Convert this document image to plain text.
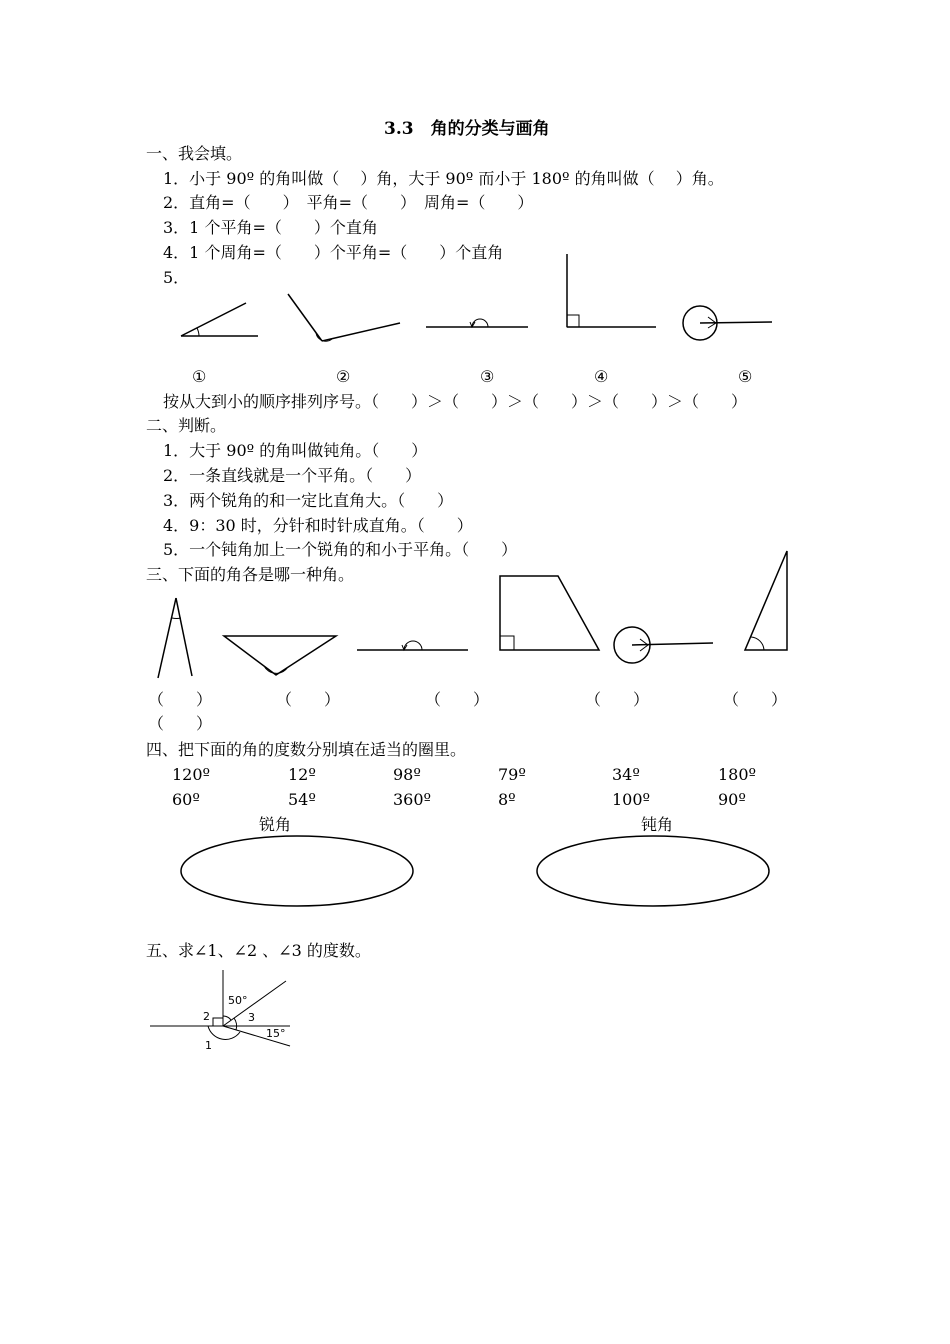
3.3　角的分类与画角
一、我会填。
1．小于 90º 的角叫做（　 ）角，大于 90º 而小于 180º 的角叫做（　 ）角。
2．直角=（　　）　平角=（　　）　周角=（　　）
3．1 个平角=（　　）个直角
4．1 个周角=（　　）个平角=（　　）个直角
5．
①	②	③	④	⑤
按从大到小的顺序排列序号。（　　）＞（　　）＞（　　）＞（　　）＞（　　）
二、判断。
1．大于 90º 的角叫做钝角。（　　）
2．一条直线就是一个平角。（　　）
3．两个锐角的和一定比直角大。（　　）
4．9：30 时，分针和时针成直角。（　　）
5．一个钝角加上一个锐角的和小于平角。（　　）
三、下面的角各是哪一种角。
（　　）	（　　）	（　　）	（　　）	（　　）
（　　）
四、把下面的角的度数分别填在适当的圈里。
120º	12º	98º	79º	34º	180º
60º	54º	360º	8º	100º	90º
锐角	钝角
五、求∠1、∠2 、∠3 的度数。
50°
2	3
15°
1
